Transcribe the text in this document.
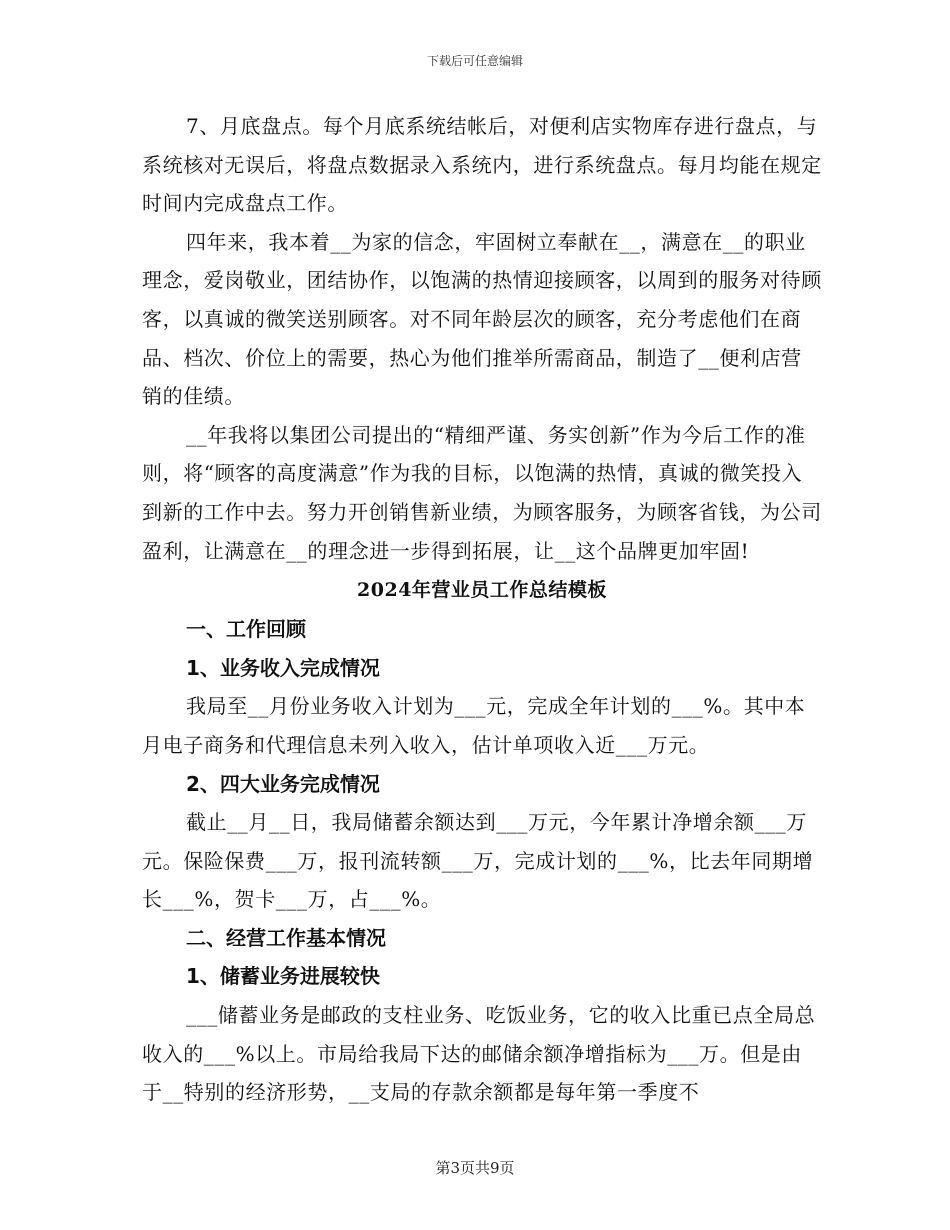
下载后可任意编辑

7、月底盘点。每个月底系统结帐后，对便利店实物库存进行盘点，与系统核对无误后，将盘点数据录入系统内，进行系统盘点。每月均能在规定时间内完成盘点工作。

四年来，我本着__为家的信念，牢固树立奉献在__，满意在__的职业理念，爱岗敬业，团结协作，以饱满的热情迎接顾客，以周到的服务对待顾客，以真诚的微笑送别顾客。对不同年龄层次的顾客，充分考虑他们在商品、档次、价位上的需要，热心为他们推举所需商品，制造了__便利店营销的佳绩。

__年我将以集团公司提出的“精细严谨、务实创新”作为今后工作的准则，将“顾客的高度满意”作为我的目标，以饱满的热情，真诚的微笑投入到新的工作中去。努力开创销售新业绩，为顾客服务，为顾客省钱，为公司盈利，让满意在__的理念进一步得到拓展，让__这个品牌更加牢固!

2024年营业员工作总结模板

一、工作回顾

1、业务收入完成情况

我局至__月份业务收入计划为___元，完成全年计划的___%。其中本月电子商务和代理信息未列入收入，估计单项收入近___万元。

2、四大业务完成情况

截止__月__日，我局储蓄余额达到___万元，今年累计净增余额___万元。保险保费___万，报刊流转额___万，完成计划的___%，比去年同期增长___%，贺卡___万，占___%。

二、经营工作基本情况

1、储蓄业务进展较快

___储蓄业务是邮政的支柱业务、吃饭业务，它的收入比重已点全局总收入的___%以上。市局给我局下达的邮储余额净增指标为___万。但是由于__特别的经济形势，__支局的存款余额都是每年第一季度不

第3页共9页
